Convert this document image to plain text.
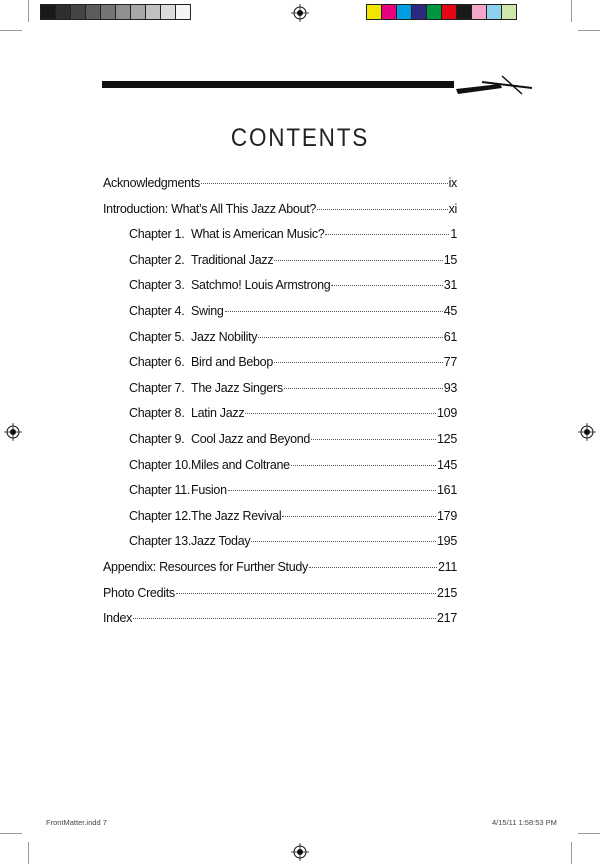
CONTENTS
Acknowledgments	ix
Introduction: What’s All This Jazz About?	xi
Chapter 1. What is American Music?	1
Chapter 2. Traditional Jazz	15
Chapter 3. Satchmo! Louis Armstrong	31
Chapter 4. Swing	45
Chapter 5. Jazz Nobility	61
Chapter 6. Bird and Bebop	77
Chapter 7. The Jazz Singers	93
Chapter 8. Latin Jazz	109
Chapter 9. Cool Jazz and Beyond	125
Chapter 10. Miles and Coltrane	145
Chapter 11. Fusion	161
Chapter 12. The Jazz Revival	179
Chapter 13. Jazz Today	195
Appendix: Resources for Further Study	211
Photo Credits	215
Index	217
FrontMatter.indd 7	4/15/11 1:58:53 PM
